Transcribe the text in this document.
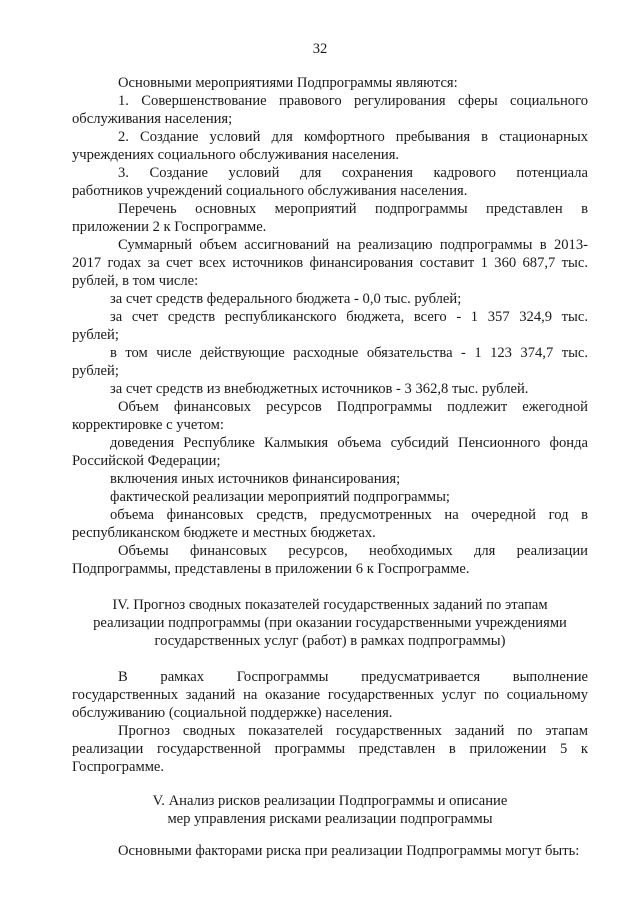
32
Основными мероприятиями Подпрограммы являются:
1. Совершенствование правового регулирования сферы социального
обслуживания населения;
2. Создание условий для комфортного пребывания в стационарных
учреждениях социального обслуживания населения.
3. Создание условий для сохранения кадрового потенциала
работников учреждений социального обслуживания населения.
Перечень основных мероприятий подпрограммы представлен в
приложении 2 к Госпрограмме.
Суммарный объем ассигнований на реализацию подпрограммы в 2013-
2017 годах за счет всех источников финансирования составит 1 360 687,7 тыс.
рублей, в том числе:
за счет средств федерального бюджета - 0,0 тыс. рублей;
за счет средств республиканского бюджета, всего - 1 357 324,9 тыс.
рублей;
в том числе действующие расходные обязательства - 1 123 374,7 тыс.
рублей;
за счет средств из внебюджетных источников - 3 362,8 тыс. рублей.
Объем финансовых ресурсов Подпрограммы подлежит ежегодной
корректировке с учетом:
доведения Республике Калмыкия объема субсидий Пенсионного фонда
Российской Федерации;
включения иных источников финансирования;
фактической реализации мероприятий подпрограммы;
объема финансовых средств, предусмотренных на очередной год в
республиканском бюджете и местных бюджетах.
Объемы финансовых ресурсов, необходимых для реализации
Подпрограммы, представлены в приложении 6 к Госпрограмме.
IV. Прогноз сводных показателей государственных заданий по этапам
реализации подпрограммы (при оказании государственными учреждениями
государственных услуг (работ) в рамках подпрограммы)
В рамках Госпрограммы предусматривается выполнение
государственных заданий на оказание государственных услуг по социальному
обслуживанию (социальной поддержке) населения.
Прогноз сводных показателей государственных заданий по этапам
реализации государственной программы представлен в приложении 5 к
Госпрограмме.
V. Анализ рисков реализации Подпрограммы и описание
мер управления рисками реализации подпрограммы
Основными факторами риска при реализации Подпрограммы могут быть:
